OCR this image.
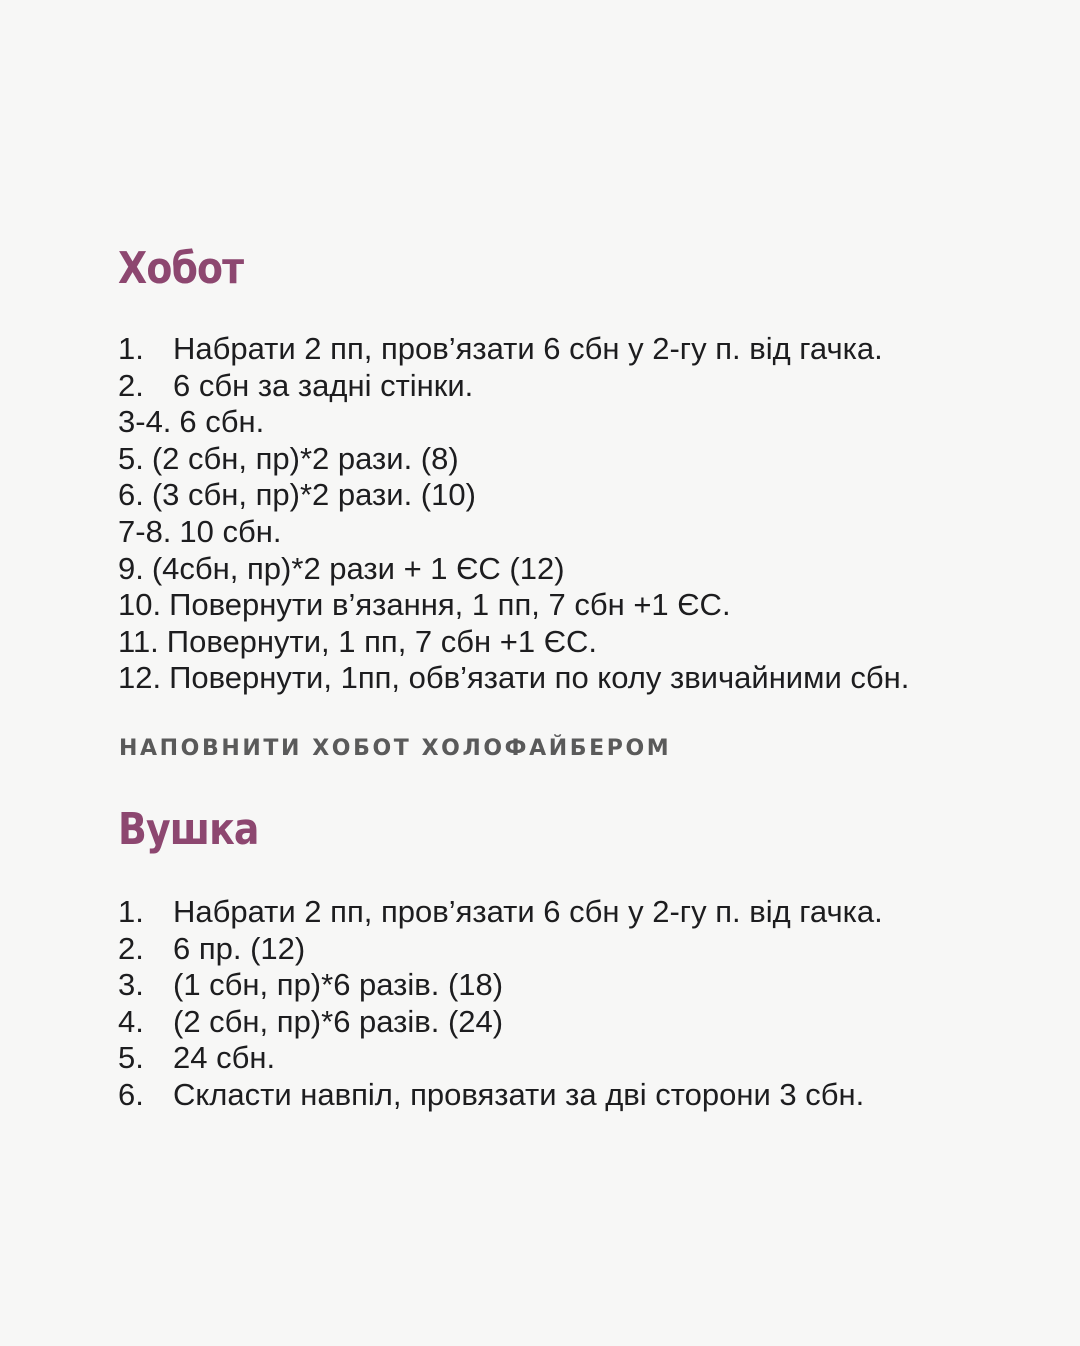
Хобот
1. Набрати 2 пп, пров’язати 6 сбн у 2-гу п. від гачка.
2. 6 сбн за задні стінки.
3-4. 6 сбн.
5. (2 сбн, пр)*2 рази. (8)
6. (3 сбн, пр)*2 рази. (10)
7-8. 10 сбн.
9. (4сбн, пр)*2 рази + 1 ЄС (12)
10. Повернути в’язання, 1 пп, 7 сбн +1 ЄС.
11. Повернути, 1 пп, 7 сбн +1 ЄС.
12. Повернути, 1пп, обв’язати по колу звичайними сбн.

НАПОВНИТИ ХОБОТ ХОЛОФАЙБЕРОМ

Вушка
1. Набрати 2 пп, пров’язати 6 сбн у 2-гу п. від гачка.
2. 6 пр. (12)
3. (1 сбн, пр)*6 разів. (18)
4. (2 сбн, пр)*6 разів. (24)
5. 24 сбн.
6. Скласти навпіл, провязати за дві сторони 3 сбн.
